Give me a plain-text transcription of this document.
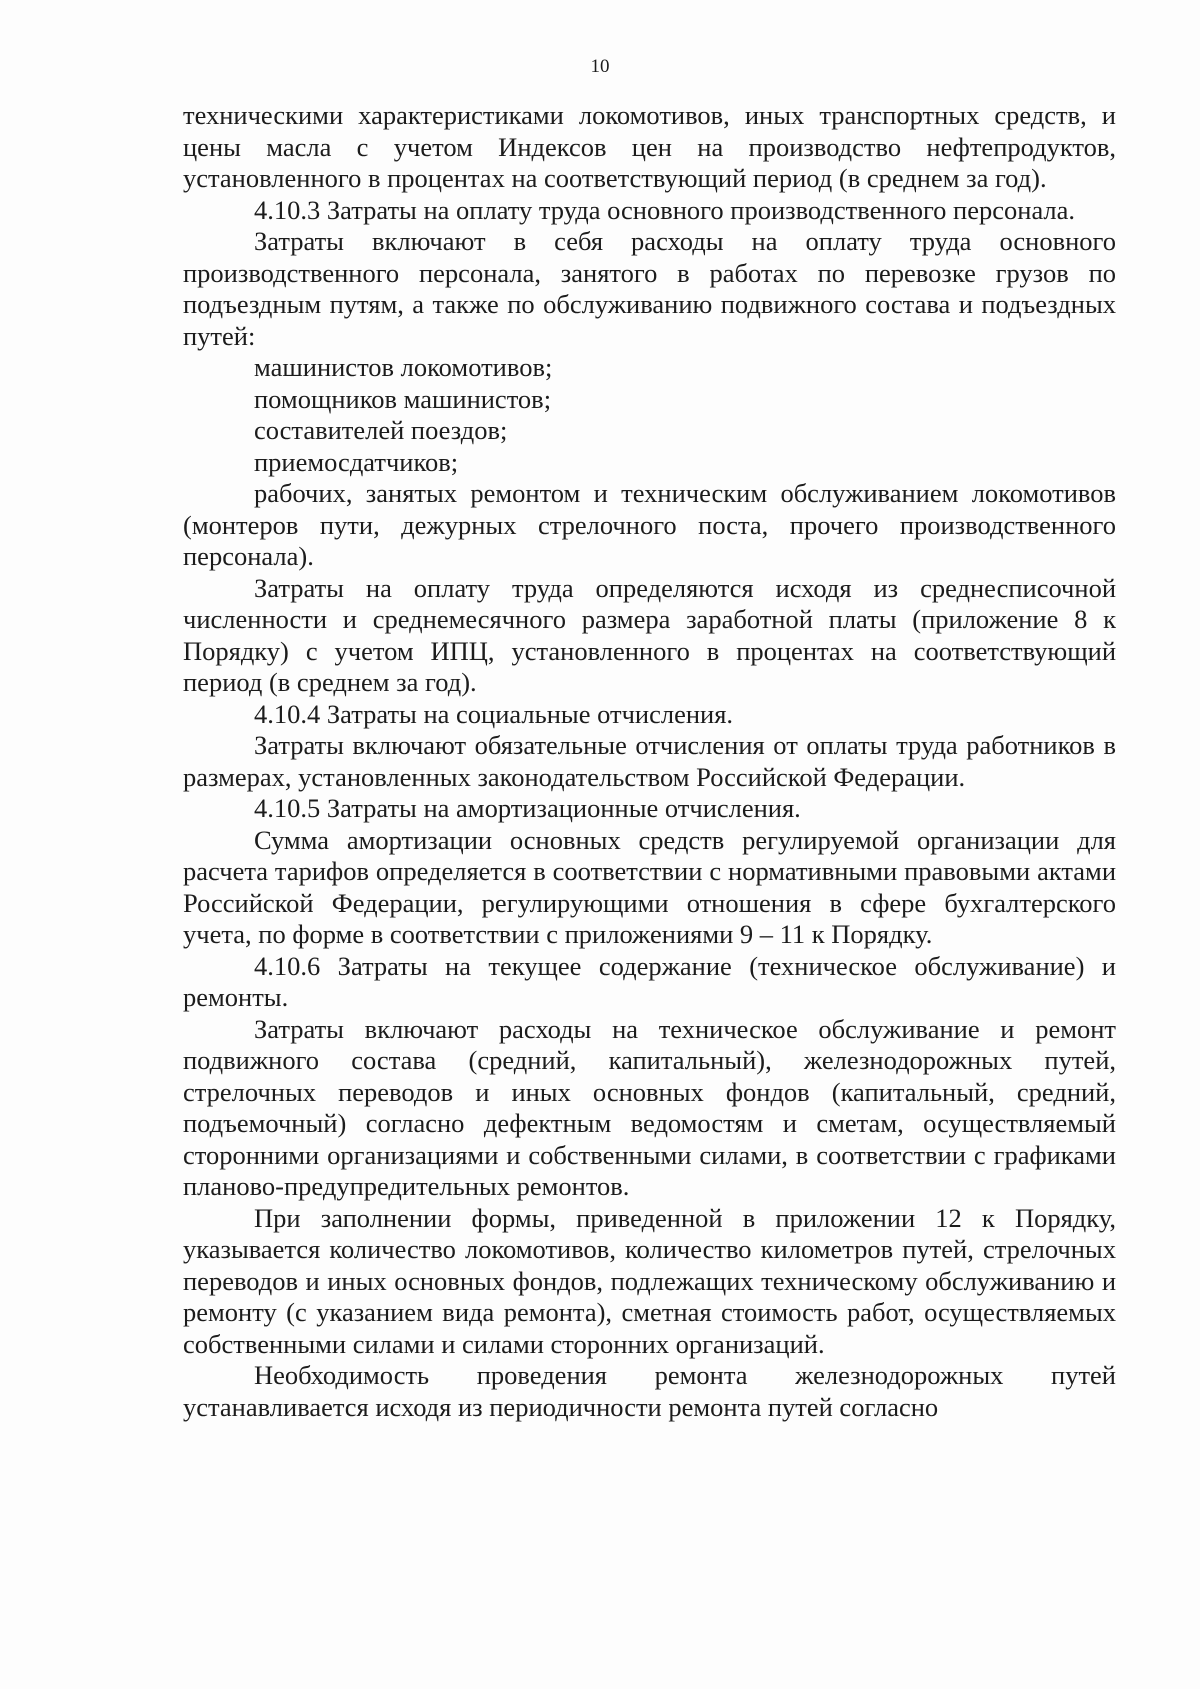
10

техническими характеристиками локомотивов, иных транспортных средств, и цены масла с учетом Индексов цен на производство нефтепродуктов, установленного в процентах на соответствующий период (в среднем за год).

4.10.3 Затраты на оплату труда основного производственного персонала.

Затраты включают в себя расходы на оплату труда основного производственного персонала, занятого в работах по перевозке грузов по подъездным путям, а также по обслуживанию подвижного состава и подъездных путей:

машинистов локомотивов;

помощников машинистов;

составителей поездов;

приемосдатчиков;

рабочих, занятых ремонтом и техническим обслуживанием локомотивов (монтеров пути, дежурных стрелочного поста, прочего производственного персонала).

Затраты на оплату труда определяются исходя из среднесписочной численности и среднемесячного размера заработной платы (приложение 8 к Порядку) с учетом ИПЦ, установленного в процентах на соответствующий период (в среднем за год).

4.10.4 Затраты на социальные отчисления.

Затраты включают обязательные отчисления от оплаты труда работников в размерах, установленных законодательством Российской Федерации.

4.10.5 Затраты на амортизационные отчисления.

Сумма амортизации основных средств регулируемой организации для расчета тарифов определяется в соответствии с нормативными правовыми актами Российской Федерации, регулирующими отношения в сфере бухгалтерского учета, по форме в соответствии с приложениями 9 – 11 к Порядку.

4.10.6 Затраты на текущее содержание (техническое обслуживание) и ремонты.

Затраты включают расходы на техническое обслуживание и ремонт подвижного состава (средний, капитальный), железнодорожных путей, стрелочных переводов и иных основных фондов (капитальный, средний, подъемочный) согласно дефектным ведомостям и сметам, осуществляемый сторонними организациями и собственными силами, в соответствии с графиками планово-предупредительных ремонтов.

При заполнении формы, приведенной в приложении 12 к Порядку, указывается количество локомотивов, количество километров путей, стрелочных переводов и иных основных фондов, подлежащих техническому обслуживанию и ремонту (с указанием вида ремонта), сметная стоимость работ, осуществляемых собственными силами и силами сторонних организаций.

Необходимость проведения ремонта железнодорожных путей устанавливается исходя из периодичности ремонта путей согласно
